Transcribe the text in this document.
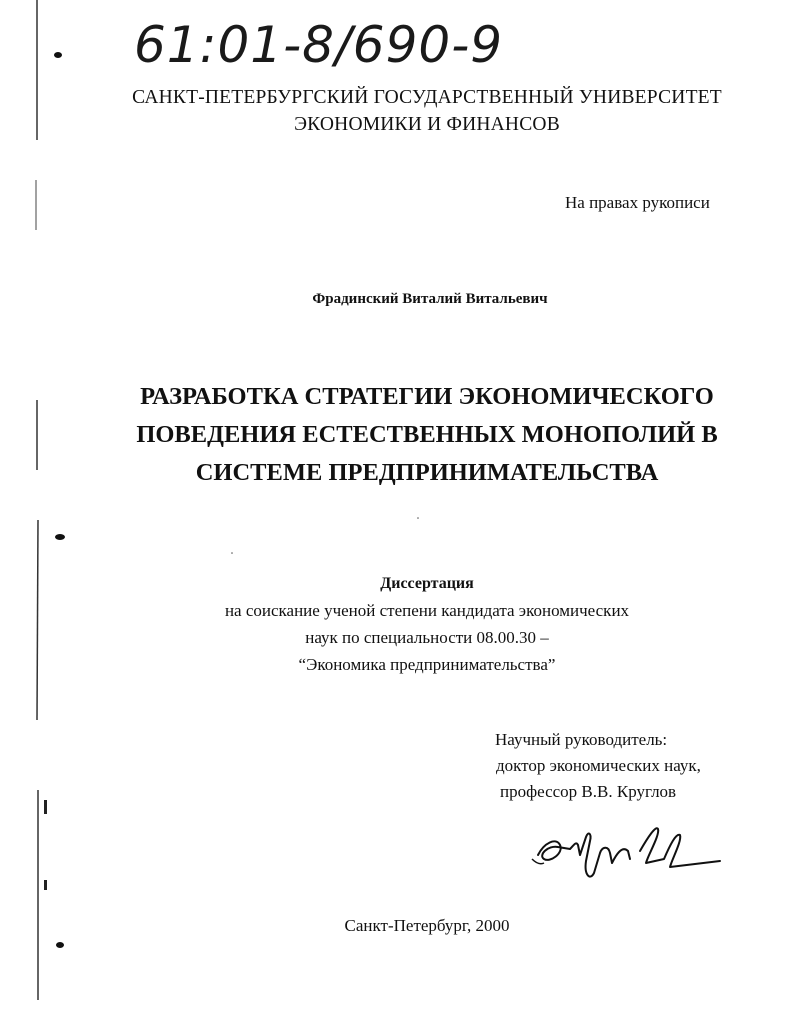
61:01-8/690-9
САНКТ-ПЕТЕРБУРГСКИЙ ГОСУДАРСТВЕННЫЙ УНИВЕРСИТЕТ
ЭКОНОМИКИ И ФИНАНСОВ
На правах рукописи
Фрадинский Виталий Витальевич
РАЗРАБОТКА СТРАТЕГИИ ЭКОНОМИЧЕСКОГО
ПОВЕДЕНИЯ ЕСТЕСТВЕННЫХ МОНОПОЛИЙ В
СИСТЕМЕ ПРЕДПРИНИМАТЕЛЬСТВА
Диссертация
на соискание ученой степени кандидата экономических
наук по специальности 08.00.30 –
“Экономика предпринимательства”
Научный руководитель:
доктор экономических наук,
профессор В.В. Круглов
Санкт-Петербург, 2000
